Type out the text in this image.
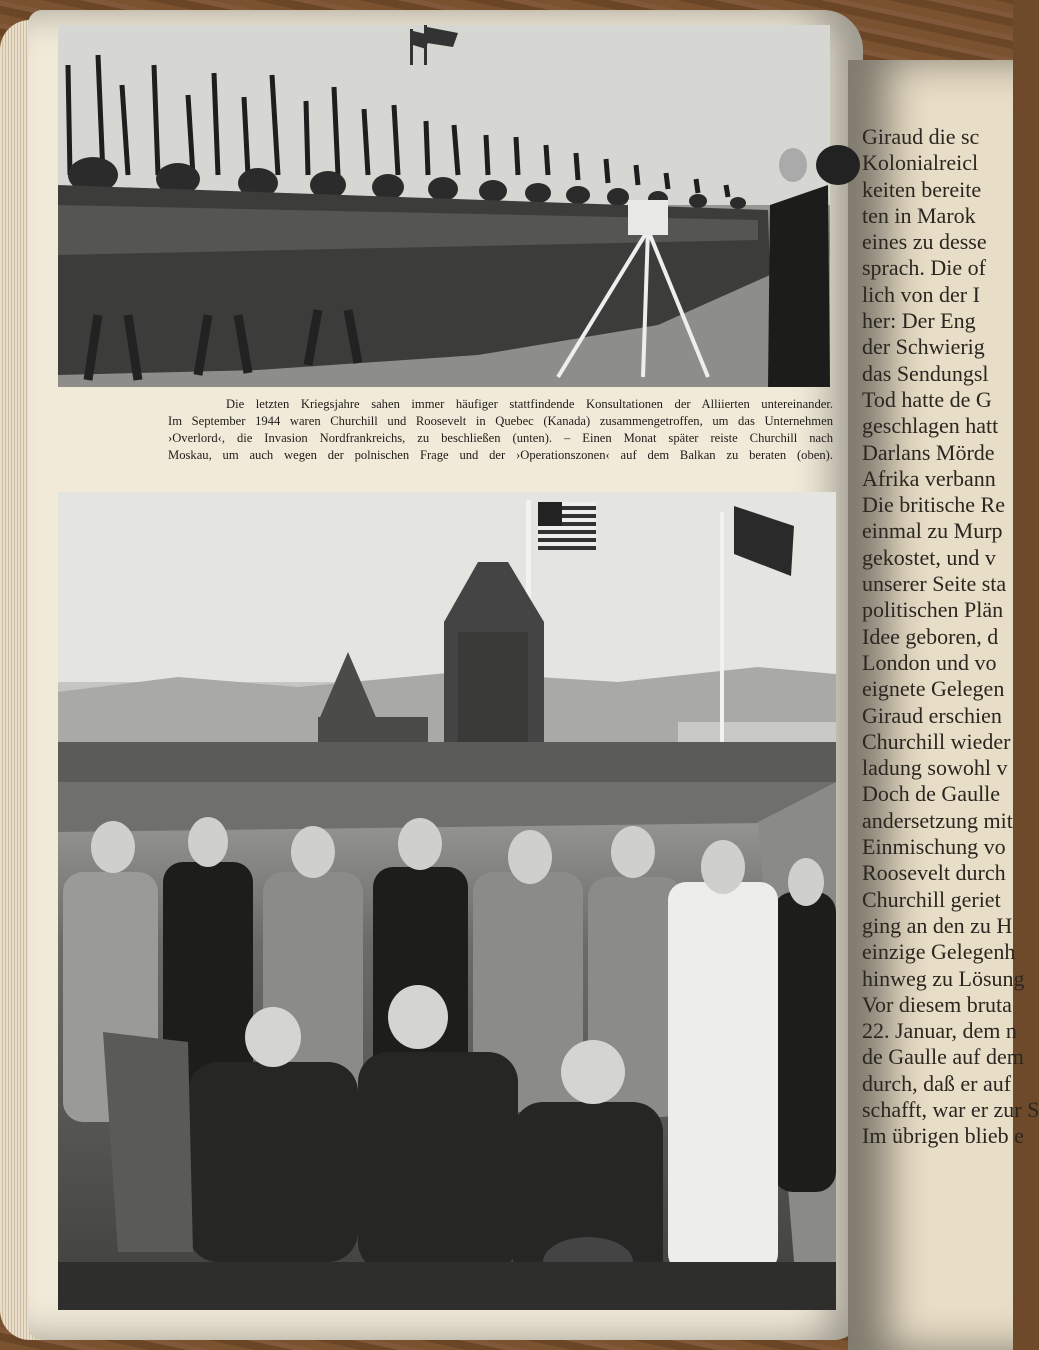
Die letzten Kriegsjahre sahen immer häufiger stattfindende Konsultationen der Alliierten untereinander.
Im September 1944 waren Churchill und Roosevelt in Quebec (Kanada) zusammengetroffen, um das Unternehmen
›Overlord‹, die Invasion Nordfrankreichs, zu beschließen (unten). – Einen Monat später reiste Churchill nach
Moskau, um auch wegen der polnischen Frage und der ›Operationszonen‹ auf dem Balkan zu beraten (oben).
Giraud die sc
Kolonialreicl
keiten bereite
ten in Marok
eines zu desse
sprach. Die of
lich von der I
her: Der Eng
der Schwierig
das Sendungsl
Tod hatte de G
geschlagen hatt
Darlans Mörde
Afrika verbann
Die britische Re
einmal zu Murp
gekostet, und v
unserer Seite sta
politischen Plän
Idee geboren, d
London und vo
eignete Gelegen
Giraud erschien
Churchill wieder
ladung sowohl v
Doch de Gaulle
andersetzung mit
Einmischung vo
Roosevelt durch
Churchill geriet
ging an den zu H
einzige Gelegenh
hinweg zu Lösung
Vor diesem bruta
22. Januar, dem n
de Gaulle auf dem
durch, daß er auf
schafft, war er zur S
Im übrigen blieb e
